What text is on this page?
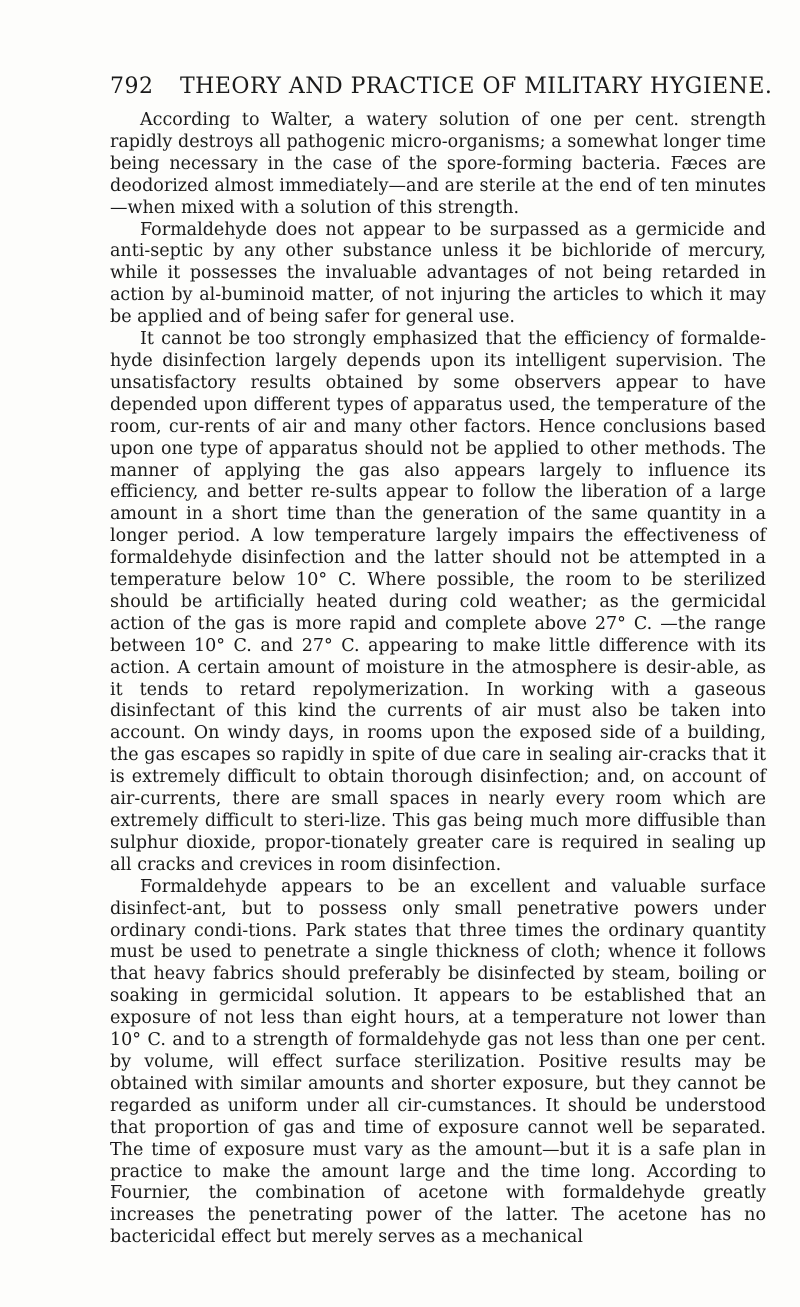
792 THEORY AND PRACTICE OF MILITARY HYGIENE.

According to Walter, a watery solution of one per cent. strength rapidly destroys all pathogenic micro-organisms; a somewhat longer time being necessary in the case of the spore-forming bacteria. Fæces are deodorized almost immediately—and are sterile at the end of ten minutes—when mixed with a solution of this strength.

Formaldehyde does not appear to be surpassed as a germicide and anti-septic by any other substance unless it be bichloride of mercury, while it possesses the invaluable advantages of not being retarded in action by al-buminoid matter, of not injuring the articles to which it may be applied and of being safer for general use.

It cannot be too strongly emphasized that the efficiency of formalde-hyde disinfection largely depends upon its intelligent supervision. The unsatisfactory results obtained by some observers appear to have depended upon different types of apparatus used, the temperature of the room, cur-rents of air and many other factors. Hence conclusions based upon one type of apparatus should not be applied to other methods. The manner of applying the gas also appears largely to influence its efficiency, and better re-sults appear to follow the liberation of a large amount in a short time than the generation of the same quantity in a longer period. A low temperature largely impairs the effectiveness of formaldehyde disinfection and the latter should not be attempted in a temperature below 10° C. Where possible, the room to be sterilized should be artificially heated during cold weather; as the germicidal action of the gas is more rapid and complete above 27° C. —the range between 10° C. and 27° C. appearing to make little difference with its action. A certain amount of moisture in the atmosphere is desir-able, as it tends to retard repolymerization. In working with a gaseous disinfectant of this kind the currents of air must also be taken into account. On windy days, in rooms upon the exposed side of a building, the gas escapes so rapidly in spite of due care in sealing air-cracks that it is extremely difficult to obtain thorough disinfection; and, on account of air-currents, there are small spaces in nearly every room which are extremely difficult to steri-lize. This gas being much more diffusible than sulphur dioxide, propor-tionately greater care is required in sealing up all cracks and crevices in room disinfection.

Formaldehyde appears to be an excellent and valuable surface disinfect-ant, but to possess only small penetrative powers under ordinary condi-tions. Park states that three times the ordinary quantity must be used to penetrate a single thickness of cloth; whence it follows that heavy fabrics should preferably be disinfected by steam, boiling or soaking in germicidal solution. It appears to be established that an exposure of not less than eight hours, at a temperature not lower than 10° C. and to a strength of formaldehyde gas not less than one per cent. by volume, will effect surface sterilization. Positive results may be obtained with similar amounts and shorter exposure, but they cannot be regarded as uniform under all cir-cumstances. It should be understood that proportion of gas and time of exposure cannot well be separated. The time of exposure must vary as the amount—but it is a safe plan in practice to make the amount large and the time long. According to Fournier, the combination of acetone with formaldehyde greatly increases the penetrating power of the latter. The acetone has no bactericidal effect but merely serves as a mechanical
